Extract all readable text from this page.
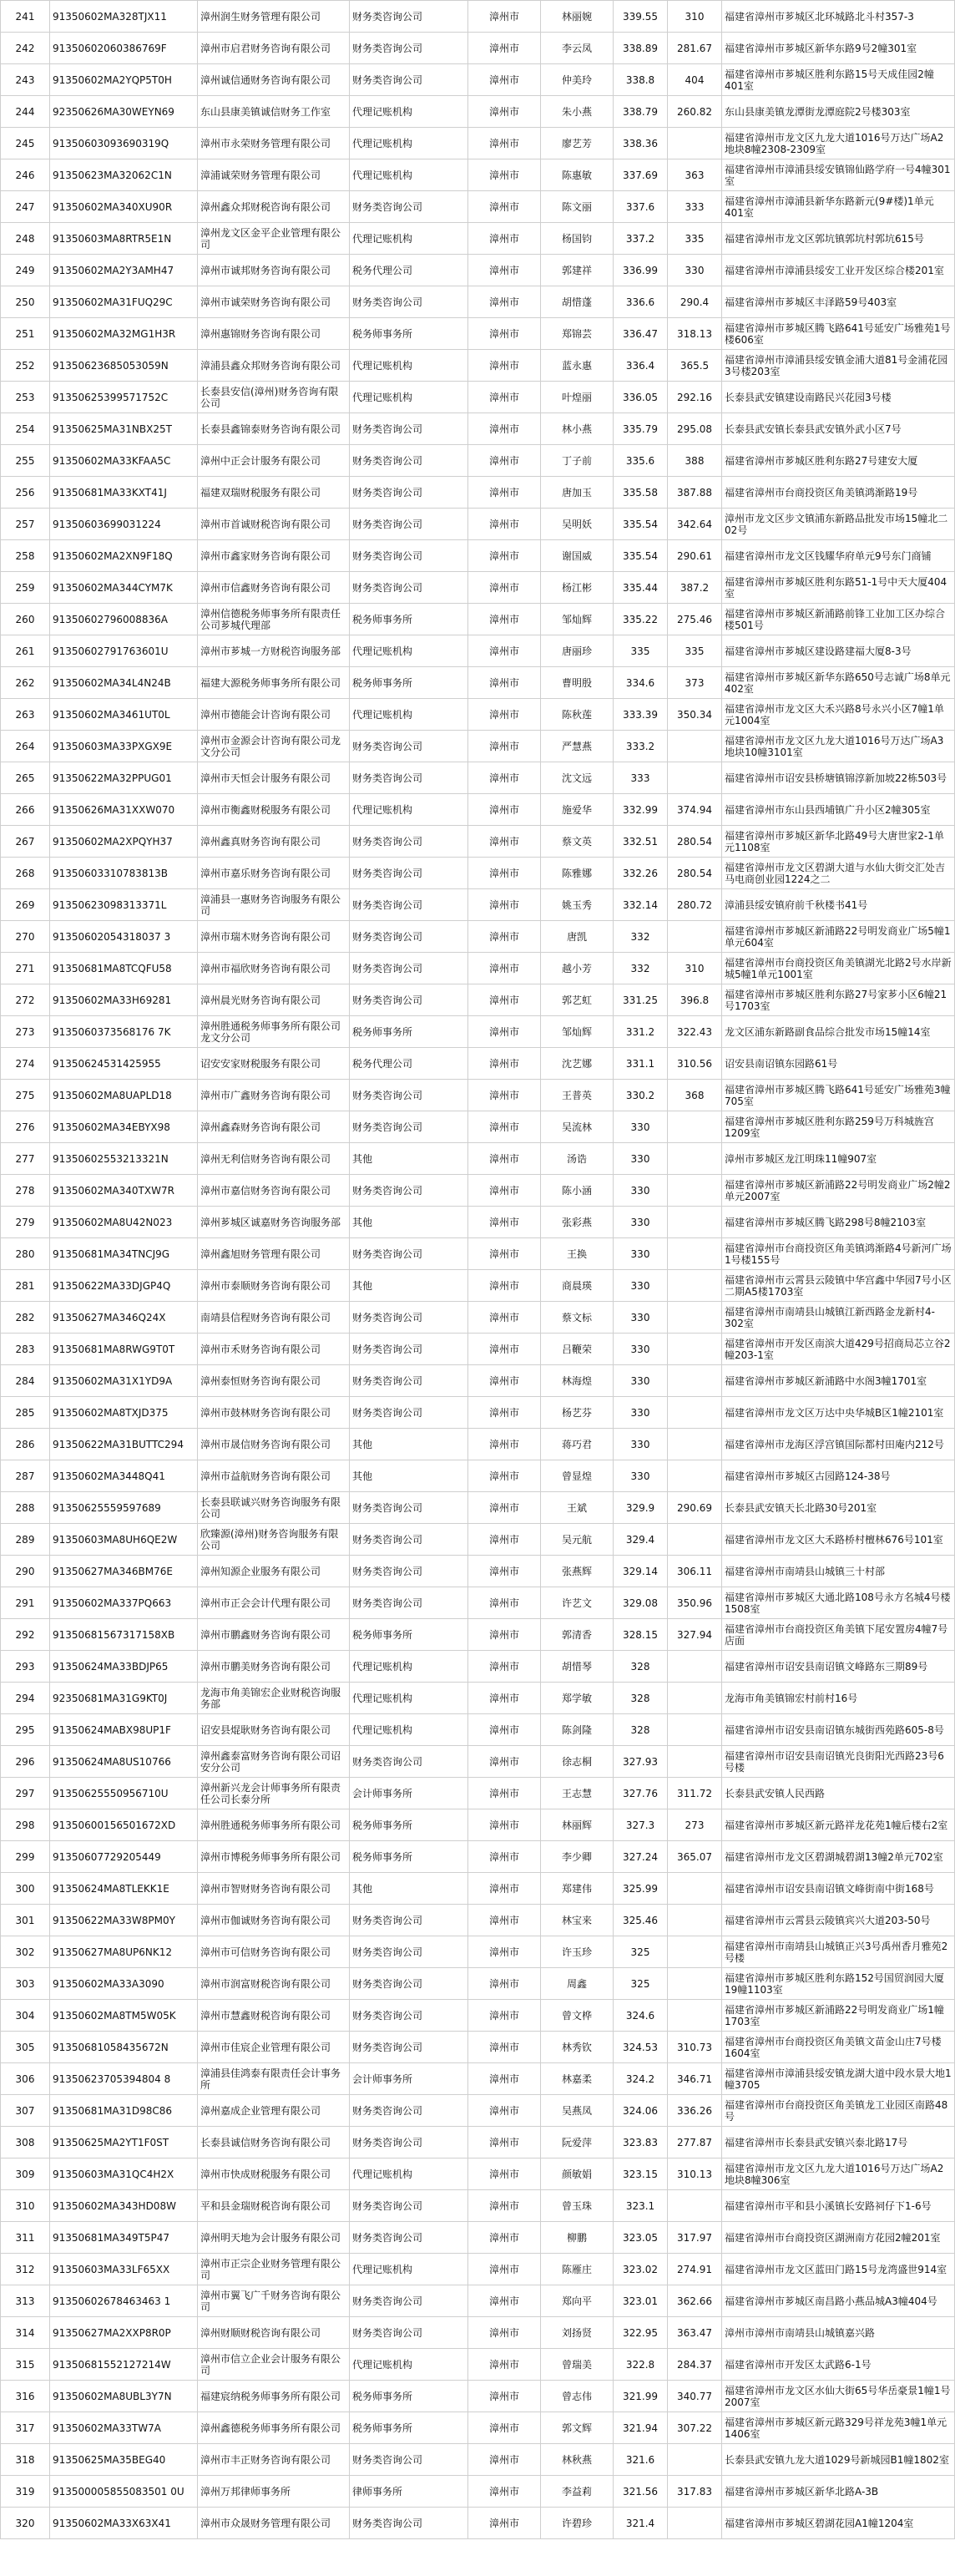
241	91350602MA328TJX11	漳州润生财务管理有限公司	财务类咨询公司	漳州市	林丽婉	339.55	310	福建省漳州市芗城区北环城路北斗村357-3
242	91350602060386769F	漳州市启君财务咨询有限公司	财务类咨询公司	漳州市	李云凤	338.89	281.67	福建省漳州市芗城区新华东路9号2幢301室
243	91350602MA2YQP5T0H	漳州诚信通财务咨询有限公司	财务类咨询公司	漳州市	仲美玲	338.8	404	福建省漳州市芗城区胜利东路15号天成佳园2幢401室
244	92350626MA30WEYN69	东山县康美镇诚信财务工作室	代理记账机构	漳州市	朱小燕	338.79	260.82	东山县康美镇龙潭街龙潭庭院2号楼303室
245	91350603093690319Q	漳州市永荣财务管理有限公司	代理记账机构	漳州市	廖艺芳	338.36		福建省漳州市龙文区九龙大道1016号万达广场A2地块8幢2308-2309室
246	91350623MA32062C1N	漳浦诚荣财务管理有限公司	代理记账机构	漳州市	陈惠敏	337.69	363	福建省漳州市漳浦县绥安镇锦仙路学府一号4幢301室
247	91350602MA340XU90R	漳州鑫众邦财税咨询有限公司	财务类咨询公司	漳州市	陈文丽	337.6	333	福建省漳州市漳浦县新华东路新元(9#楼)1单元401室
248	91350603MA8RTR5E1N	漳州龙文区金平企业管理有限公司	代理记账机构	漳州市	杨国钧	337.2	335	福建省漳州市龙文区郭坑镇郭坑村郭坑615号
249	91350602MA2Y3AMH47	漳州市诚邦财务咨询有限公司	税务代理公司	漳州市	郭建祥	336.99	330	福建省漳州市漳浦县绥安工业开发区综合楼201室
250	91350602MA31FUQ29C	漳州市诚荣财务咨询有限公司	财务类咨询公司	漳州市	胡惜蓬	336.6	290.4	福建省漳州市芗城区丰泽路59号403室
251	91350602MA32MG1H3R	漳州惠锦财务咨询有限公司	税务师事务所	漳州市	郑锦芸	336.47	318.13	福建省漳州市芗城区腾飞路641号延安广场雅苑1号楼606室
252	91350623685053059N	漳浦县鑫众邦财务咨询有限公司	代理记账机构	漳州市	蓝永惠	336.4	365.5	福建省漳州市漳浦县绥安镇金浦大道81号金浦花园3号楼203室
253	91350625399571752C	长泰县安信(漳州)财务咨询有限公司	代理记账机构	漳州市	叶煌丽	336.05	292.16	长泰县武安镇建设南路民兴花园3号楼
254	91350625MA31NBX25T	长泰县鑫锦泰财务咨询有限公司	财务类咨询公司	漳州市	林小燕	335.79	295.08	长泰县武安镇长泰县武安镇外武小区7号
255	91350602MA33KFAA5C	漳州中正会计服务有限公司	财务类咨询公司	漳州市	丁子前	335.6	388	福建省漳州市芗城区胜利东路27号建安大厦
256	91350681MA33KXT41J	福建双瑞财税服务有限公司	财务类咨询公司	漳州市	唐加玉	335.58	387.88	福建省漳州市台商投资区角美镇鸿渐路19号
257	91350603699031224	漳州市首诚财税咨询有限公司	财务类咨询公司	漳州市	吴明妖	335.54	342.64	漳州市龙文区步文镇浦东新路品批发市场15幢北二02号
258	91350602MA2XN9F18Q	漳州市鑫家财务咨询有限公司	财务类咨询公司	漳州市	谢国威	335.54	290.61	福建省漳州市龙文区钱耀华府单元9号东门商铺
259	91350602MA344CYM7K	漳州市信鑫财务咨询有限公司	财务类咨询公司	漳州市	杨江彬	335.44	387.2	福建省漳州市芗城区胜利东路51-1号中天大厦404室
260	91350602796008836A	漳州信德税务师事务所有限责任公司芗城代理部	税务师事务所	漳州市	邹灿辉	335.22	275.46	福建省漳州市芗城区新浦路前锋工业加工区办综合楼501号
261	91350602791763601U	漳州市芗城一方财税咨询服务部	代理记账机构	漳州市	唐丽珍	335	335	福建省漳州市芗城区建设路建福大厦8-3号
262	91350602MA34L4N24B	福建大源税务师事务所有限公司	税务师事务所	漳州市	曹明殷	334.6	373	福建省漳州市芗城区新华东路650号志诚广场8单元402室
263	91350602MA3461UT0L	漳州市德能会计咨询有限公司	代理记账机构	漳州市	陈秋莲	333.39	350.34	福建省漳州市龙文区大禾兴路8号永兴小区7幢1单元1004室
264	91350603MA33PXGX9E	漳州市金源会计咨询有限公司龙文分公司	财务类咨询公司	漳州市	严慧燕	333.2		福建省漳州市龙文区九龙大道1016号万达广场A3地块10幢3101室
265	91350622MA32PPUG01	漳州市天恒会计服务有限公司	财务类咨询公司	漳州市	沈文远	333		福建省漳州市诏安县桥塘镇锦淳新加坡22栋503号
266	91350626MA31XXW070	漳州市衡鑫财税服务有限公司	代理记账机构	漳州市	施爱华	332.99	374.94	福建省漳州市东山县西埔镇广升小区2幢305室
267	91350602MA2XPQYH37	漳州鑫真财务咨询有限公司	财务类咨询公司	漳州市	蔡文英	332.51	280.54	福建省漳州市芗城区新华北路49号大唐世家2-1单元1108室
268	91350603310783813B	漳州市嘉乐财务咨询有限公司	财务类咨询公司	漳州市	陈雅娜	332.26	280.54	福建省漳州市龙文区碧湖大道与水仙大街交汇处吉马电商创业园1224之二
269	91350623098313371L	漳浦县一惠财务咨询服务有限公司	财务类咨询公司	漳州市	姚玉秀	332.14	280.72	漳浦县绥安镇府前千秋楼书41号
270	91350602054318037 3	漳州市瑞木财务咨询有限公司	财务类咨询公司	漳州市	唐凯	332		福建省漳州市芗城区新浦路22号明发商业广场5幢1单元604室
271	91350681MA8TCQFU58	漳州市福欣财务咨询有限公司	财务类咨询公司	漳州市	越小芳	332	310	福建省漳州市台商投资区角美镇湖光北路2号水岸新城5幢1单元1001室
272	91350602MA33H69281	漳州晨光财务咨询有限公司	财务类咨询公司	漳州市	郭艺虹	331.25	396.8	福建省漳州市芗城区胜利东路27号家芗小区6幢21号1703室
273	9135060373568176 7K	漳州胜通税务师事务所有限公司龙文分公司	税务师事务所	漳州市	邹灿辉	331.2	322.43	龙文区浦东新路副食品综合批发市场15幢14室
274	91350624531425955	诏安安家财税服务有限公司	税务代理公司	漳州市	沈艺娜	331.1	310.56	诏安县南诏镇东园路61号
275	91350602MA8UAPLD18	漳州市广鑫财务咨询有限公司	财务类咨询公司	漳州市	王普英	330.2	368	福建省漳州市芗城区腾飞路641号延安广场雅苑3幢705室
276	91350602MA34EBYX98	漳州鑫森财务咨询有限公司	财务类咨询公司	漳州市	吴流林	330		福建省漳州市芗城区胜利东路259号万科城旌宫1209室
277	91350602553213321N	漳州无利信财务咨询有限公司	其他	漳州市	汤诰	330		漳州市芗城区龙江明珠11幢907室
278	91350602MA340TXW7R	漳州市嘉信财务咨询有限公司	财务类咨询公司	漳州市	陈小涵	330		福建省漳州市芗城区新浦路22号明发商业广场2幢2单元2007室
279	91350602MA8U42N023	漳州芗城区诚嘉财务咨询服务部	其他	漳州市	张彩燕	330		福建省漳州市芗城区腾飞路298号8幢2103室
280	91350681MA34TNCJ9G	漳州鑫旭财务管理有限公司	财务类咨询公司	漳州市	王换	330		福建省漳州市台商投资区角美镇鸿渐路4号新河广场1号楼155号
281	91350622MA33DJGP4Q	漳州市泰顺财务咨询有限公司	其他	漳州市	商晨瑛	330		福建省漳州市云霄县云陵镇中华宫鑫中华园7号小区二期A5楼1703室
282	91350627MA346Q24X	南靖县信程财务咨询有限公司	财务类咨询公司	漳州市	蔡文标	330		福建省漳州市南靖县山城镇江新西路金龙新村4-302室
283	91350681MA8RWG9T0T	漳州市禾财务咨询有限公司	财务类咨询公司	漳州市	吕鞭荣	330		福建省漳州市开发区南滨大道429号招商局芯立谷2幢203-1室
284	91350602MA31X1YD9A	漳州泰恒财务咨询有限公司	财务类咨询公司	漳州市	林海煌	330		福建省漳州市芗城区新浦路中水阁3幢1701室
285	91350602MA8TXJD375	漳州市鼓林财务咨询有限公司	财务类咨询公司	漳州市	杨艺芬	330		福建省漳州市龙文区万达中央华城B区1幢2101室
286	91350622MA31BUTTC294	漳州市晟信财务咨询有限公司	其他	漳州市	蒋巧君	330		福建省漳州市龙海区浮宫镇国际都村田庵内212号
287	91350602MA3448Q41	漳州市益航财务咨询有限公司	其他	漳州市	曾显煌	330		福建省漳州市芗城区古园路124-38号
288	91350625559597689	长泰县联诚兴财务咨询服务有限公司	财务类咨询公司	漳州市	王斌	329.9	290.69	长泰县武安镇天长北路30号201室
289	91350603MA8UH6QE2W	欣臻源(漳州)财务咨询服务有限公司	财务类咨询公司	漳州市	吴元航	329.4		福建省漳州市龙文区大禾路桥村檀林676号101室
290	91350627MA346BM76E	漳州知源企业服务有限公司	财务类咨询公司	漳州市	张燕辉	329.14	306.11	福建省漳州市南靖县山城镇三十村部
291	91350602MA337PQ663	漳州市正会会计代理有限公司	财务类咨询公司	漳州市	许艺文	329.08	350.96	福建省漳州市芗城区大通北路108号永方名城4号楼1508室
292	91350681567317158XB	漳州市鹏鑫财务咨询有限公司	税务师事务所	漳州市	郭清香	328.15	327.94	福建省漳州市台商投资区角美镇下尾安置房4幢7号店面
293	91350624MA33BDJP65	漳州市鹏美财务咨询有限公司	代理记账机构	漳州市	胡惜琴	328		福建省漳州市诏安县南诏镇文峰路东三期89号
294	92350681MA31G9KT0J	龙海市角美锦宏企业财税咨询服务部	代理记账机构	漳州市	郑学敏	328		龙海市角美镇锦宏村前村16号
295	91350624MABX98UP1F	诏安县焜耿财务咨询有限公司	代理记账机构	漳州市	陈剑隆	328		福建省漳州市诏安县南诏镇东城街西苑路605-8号
296	91350624MA8US10766	漳州鑫泰富财务咨询有限公司诏安分公司	财务类咨询公司	漳州市	徐志桐	327.93		福建省漳州市诏安县南诏镇光良街阳光西路23号6号楼
297	91350625550956710U	漳州新兴龙会计师事务所有限责任公司长泰分所	会计师事务所	漳州市	王志慧	327.76	311.72	长泰县武安镇人民西路
298	91350600156501672XD	漳州胜通税务师事务所有限公司	税务师事务所	漳州市	林丽辉	327.3	273	福建省漳州市芗城区新元路祥龙花苑1幢后楼右2室
299	91350607729205449	漳州市博税务师事务所有限公司	税务师事务所	漳州市	李少卿	327.24	365.07	福建省漳州市龙文区碧湖城碧湖13幢2单元702室
300	91350624MA8TLEKK1E	漳州市智财财务咨询有限公司	其他	漳州市	郑建伟	325.99		福建省漳州市诏安县南诏镇文峰街南中街168号
301	91350622MA33W8PM0Y	漳州市伽诚财务咨询有限公司	财务类咨询公司	漳州市	林宝来	325.46		福建省漳州市云霄县云陵镇宾兴大道203-50号
302	91350627MA8UP6NK12	漳州市可信财务咨询有限公司	财务类咨询公司	漳州市	许玉珍	325		福建省漳州市南靖县山城镇正兴3号禹州香月雅苑2号楼
303	91350602MA33A3090	漳州市润富财税咨询有限公司	财务类咨询公司	漳州市	周鑫	325		福建省漳州市芗城区胜利东路152号国贸润园大厦19幢1103室
304	91350602MA8TM5W05K	漳州市慧鑫财税咨询有限公司	财务类咨询公司	漳州市	曾文桦	324.6		福建省漳州市芗城区新浦路22号明发商业广场1幢1703室
305	91350681058435672N	漳州市佳宸企业管理有限公司	财务类咨询公司	漳州市	林秀钦	324.53	310.73	福建省漳州市台商投资区角美镇文苗金山庄7号楼1604室
306	91350623705394804 8	漳浦县佳鸿泰有限责任会计事务所	会计师事务所	漳州市	林嘉柔	324.2	346.71	福建省漳州市漳浦县绥安镇龙湖大道中段水景大地1幢3705
307	91350681MA31D98C86	漳州嘉成企业管理有限公司	财务类咨询公司	漳州市	吴燕凤	324.06	336.26	福建省漳州市台商投资区角美镇龙工业园区南路48号
308	91350625MA2YT1F0ST	长泰县诚信财务咨询有限公司	财务类咨询公司	漳州市	阮爱萍	323.83	277.87	福建省漳州市长泰县武安镇兴泰北路17号
309	91350603MA31QC4H2X	漳州市快成财税服务有限公司	代理记账机构	漳州市	颜敏娟	323.15	310.13	福建省漳州市龙文区九龙大道1016号万达广场A2地块8幢306室
310	91350602MA343HD08W	平和县金瑞财税咨询有限公司	财务类咨询公司	漳州市	曾玉珠	323.1		福建省漳州市平和县小溪镇长安路祠仔下1-6号
311	91350681MA349T5P47	漳州明天地为会计服务有限公司	财务类咨询公司	漳州市	柳鹏	323.05	317.97	福建省漳州市台商投资区湖洲南方花园2幢201室
312	91350603MA33LF65XX	漳州市正宗企业财务管理有限公司	代理记账机构	漳州市	陈雁庄	323.02	274.91	福建省漳州市龙文区蓝田门路15号龙湾盛世914室
313	91350602678463463 1	漳州市翼飞广千财务咨询有限公司	财务类咨询公司	漳州市	郑向平	323.01	362.66	福建省漳州市芗城区南昌路小燕品城A3幢404号
314	91350627MA2XXP8R0P	漳州财顺财税咨询有限公司	财务类咨询公司	漳州市	刘扬贤	322.95	363.47	漳州市漳州市南靖县山城镇嘉兴路
315	91350681552127214W	漳州市信立企业会计服务有限公司	代理记账机构	漳州市	曾瑞美	322.8	284.37	福建省漳州市开发区太武路6-1号
316	91350602MA8UBL3Y7N	福建宸纳税务师事务所有限公司	税务师事务所	漳州市	曾志伟	321.99	340.77	福建省漳州市龙文区水仙大街65号华岳豪景1幢1号2007室
317	91350602MA33TW7A	漳州鑫德税务师事务所有限公司	税务师事务所	漳州市	郭文辉	321.94	307.22	福建省漳州市芗城区新元路329号祥龙苑3幢1单元1406室
318	91350625MA35BEG40	漳州市丰正财务咨询有限公司	财务类咨询公司	漳州市	林秋燕	321.6		长泰县武安镇九龙大道1029号新城园B1幢1802室
319	913500005855083501 0U	漳州万邦律师事务所	律师事务所	漳州市	李益莉	321.56	317.83	福建省漳州市芗城区新华北路A-3B
320	91350602MA33X63X41	漳州市众晟财务管理有限公司	财务类咨询公司	漳州市	许碧珍	321.4		福建省漳州市芗城区碧湖花园A1幢1204室
